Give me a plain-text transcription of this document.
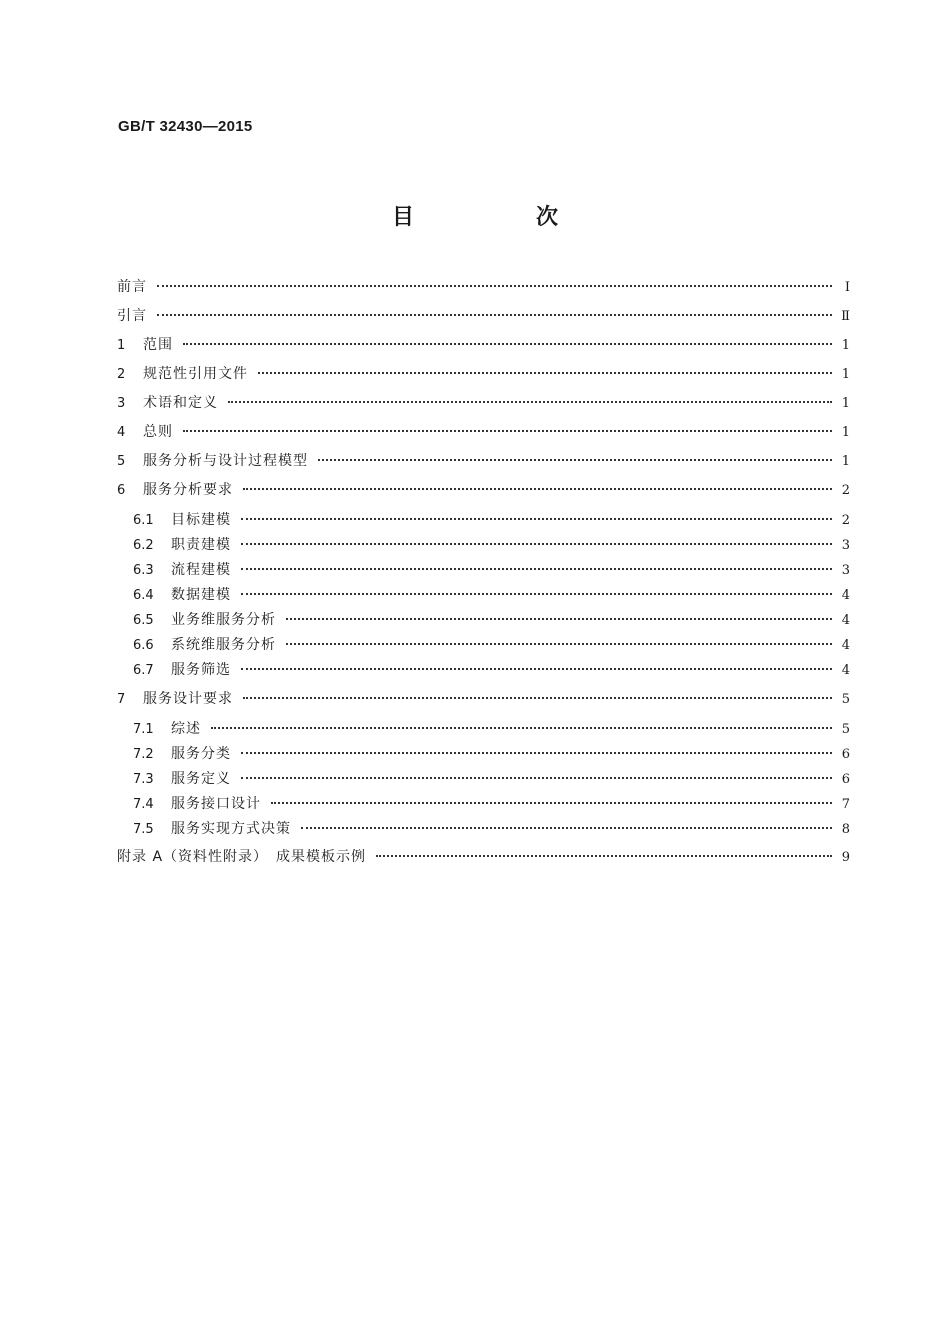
GB/T 32430—2015
目　次
前言	Ⅰ
引言	Ⅱ
1	范围	1
2	规范性引用文件	1
3	术语和定义	1
4	总则	1
5	服务分析与设计过程模型	1
6	服务分析要求	2
6.1	目标建模	2
6.2	职责建模	3
6.3	流程建模	3
6.4	数据建模	4
6.5	业务维服务分析	4
6.6	系统维服务分析	4
6.7	服务筛选	4
7	服务设计要求	5
7.1	综述	5
7.2	服务分类	6
7.3	服务定义	6
7.4	服务接口设计	7
7.5	服务实现方式决策	8
附录 A（资料性附录）　成果模板示例	9
